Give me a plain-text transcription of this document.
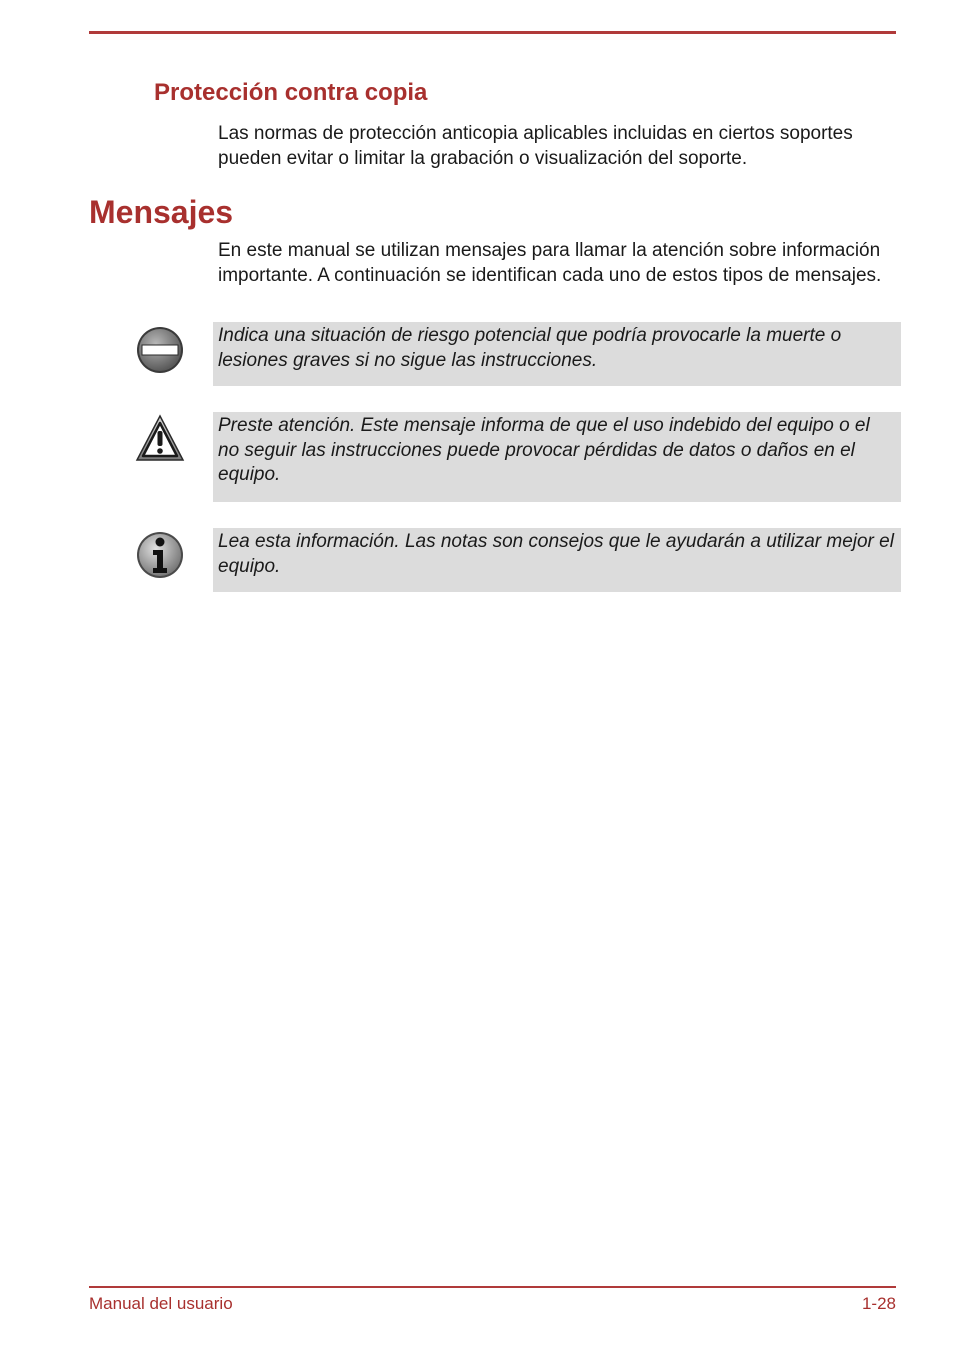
Protección contra copia

Las normas de protección anticopia aplicables incluidas en ciertos soportes pueden evitar o limitar la grabación o visualización del soporte.

Mensajes

En este manual se utilizan mensajes para llamar la atención sobre información importante. A continuación se identifican cada uno de estos tipos de mensajes.

Indica una situación de riesgo potencial que podría provocarle la muerte o lesiones graves si no sigue las instrucciones.

Preste atención. Este mensaje informa de que el uso indebido del equipo o el no seguir las instrucciones puede provocar pérdidas de datos o daños en el equipo.

Lea esta información. Las notas son consejos que le ayudarán a utilizar mejor el equipo.

Manual del usuario	1-28
